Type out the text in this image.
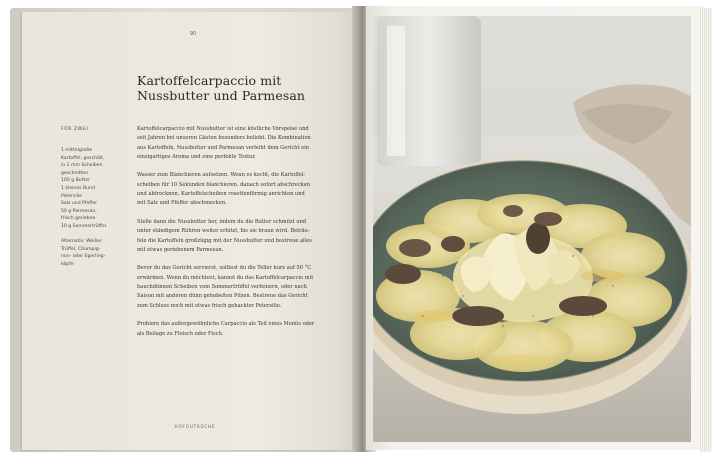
90
Kartoffelcarpaccio mit
Nussbutter und Parmesan
FÜR ZWEI
1 mittelgroße
Kartoffel, geschält,
in 2 mm Scheiben
geschnitten
100 g Butter
1 kleines Bund
Petersilie
Salz und Pfeffer
50 g Parmesan,
frisch gerieben
10 g Sommertrüffel
Alternativ: Weißer
Trüffel, Champig-
non- oder Egerling-
köpfe

Kartoffelcarpaccio mit Nussbutter ist eine köstliche Vorspeise und
seit Jahren bei unseren Gästen besonders beliebt. Die Kombination
aus Kartoffeln, Nussbutter und Parmesan verleiht dem Gericht ein
einzigartiges Aroma und eine perfekte Textur.

Wasser zum Blanchieren aufsetzen. Wenn es kocht, die Kartoffel-
scheiben für 10 Sekunden blanchieren, danach sofort abschrecken
und abtrocknen. Kartoffelscheiben rosettenförmig anrichten und
mit Salz und Pfeffer abschmecken.

Stelle dann die Nussbutter her, indem du die Butter schmilzt und
unter ständigem Rühren weiter erhitzt, bis sie braun wird. Beträu-
fele die Kartoffeln großzügig mit der Nussbutter und bestreue alles
mit etwas geriebenem Parmesan.

Bevor du das Gericht servierst, solltest du die Teller kurz auf 50 °C
erwärmen. Wenn du möchtest, kannst du das Kartoffelcarpaccio mit
hauchdünnen Scheiben vom Sommertrüffel verfeinern, oder nach
Saison mit anderen dünn gehobelten Pilzen. Bestreue das Gericht
zum Schluss noch mit etwas frisch gehackter Petersilie.

Probiere das außergewöhnliche Carpaccio als Teil eines Menüs oder
als Beilage zu Fleisch oder Fisch.

HOFGUTKÜCHE
